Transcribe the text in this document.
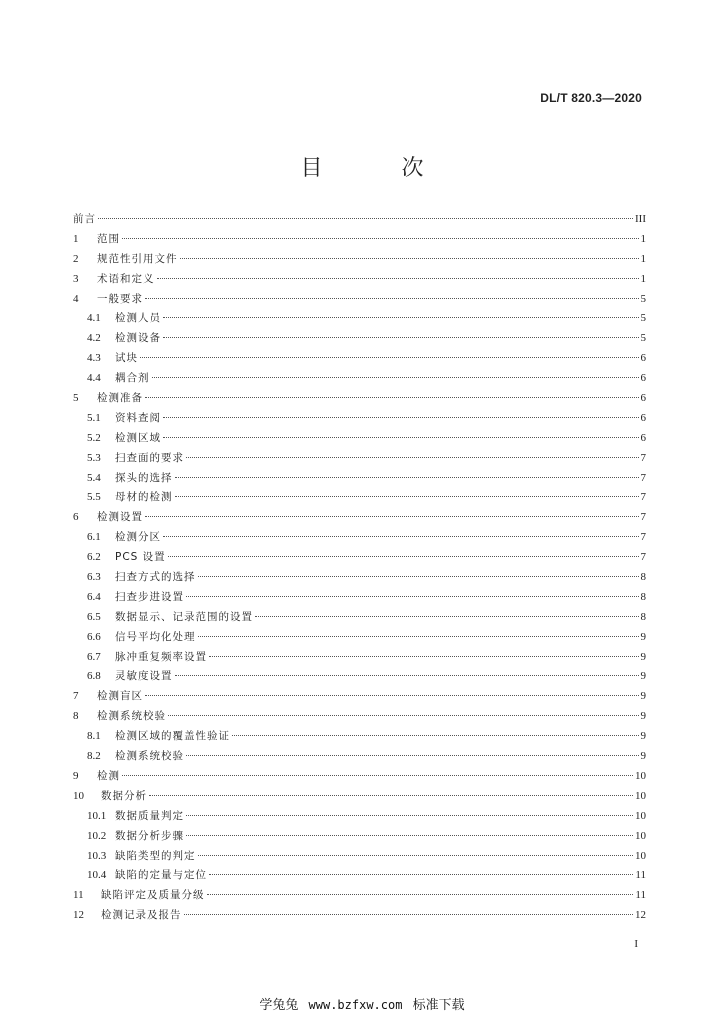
DL/T 820.3—2020
目 次
前言	III
1	范围	1
2	规范性引用文件	1
3	术语和定义	1
4	一般要求	5
4.1	检测人员	5
4.2	检测设备	5
4.3	试块	6
4.4	耦合剂	6
5	检测准备	6
5.1	资料查阅	6
5.2	检测区域	6
5.3	扫查面的要求	7
5.4	探头的选择	7
5.5	母材的检测	7
6	检测设置	7
6.1	检测分区	7
6.2	PCS 设置	7
6.3	扫查方式的选择	8
6.4	扫查步进设置	8
6.5	数据显示、记录范围的设置	8
6.6	信号平均化处理	9
6.7	脉冲重复频率设置	9
6.8	灵敏度设置	9
7	检测盲区	9
8	检测系统校验	9
8.1	检测区域的覆盖性验证	9
8.2	检测系统校验	9
9	检测	10
10	数据分析	10
10.1 数据质量判定	10
10.2 数据分析步骤	10
10.3 缺陷类型的判定	10
10.4 缺陷的定量与定位	11
11	缺陷评定及质量分级	11
12	检测记录及报告	12
I
学兔兔 www.bzfxw.com 标准下载
